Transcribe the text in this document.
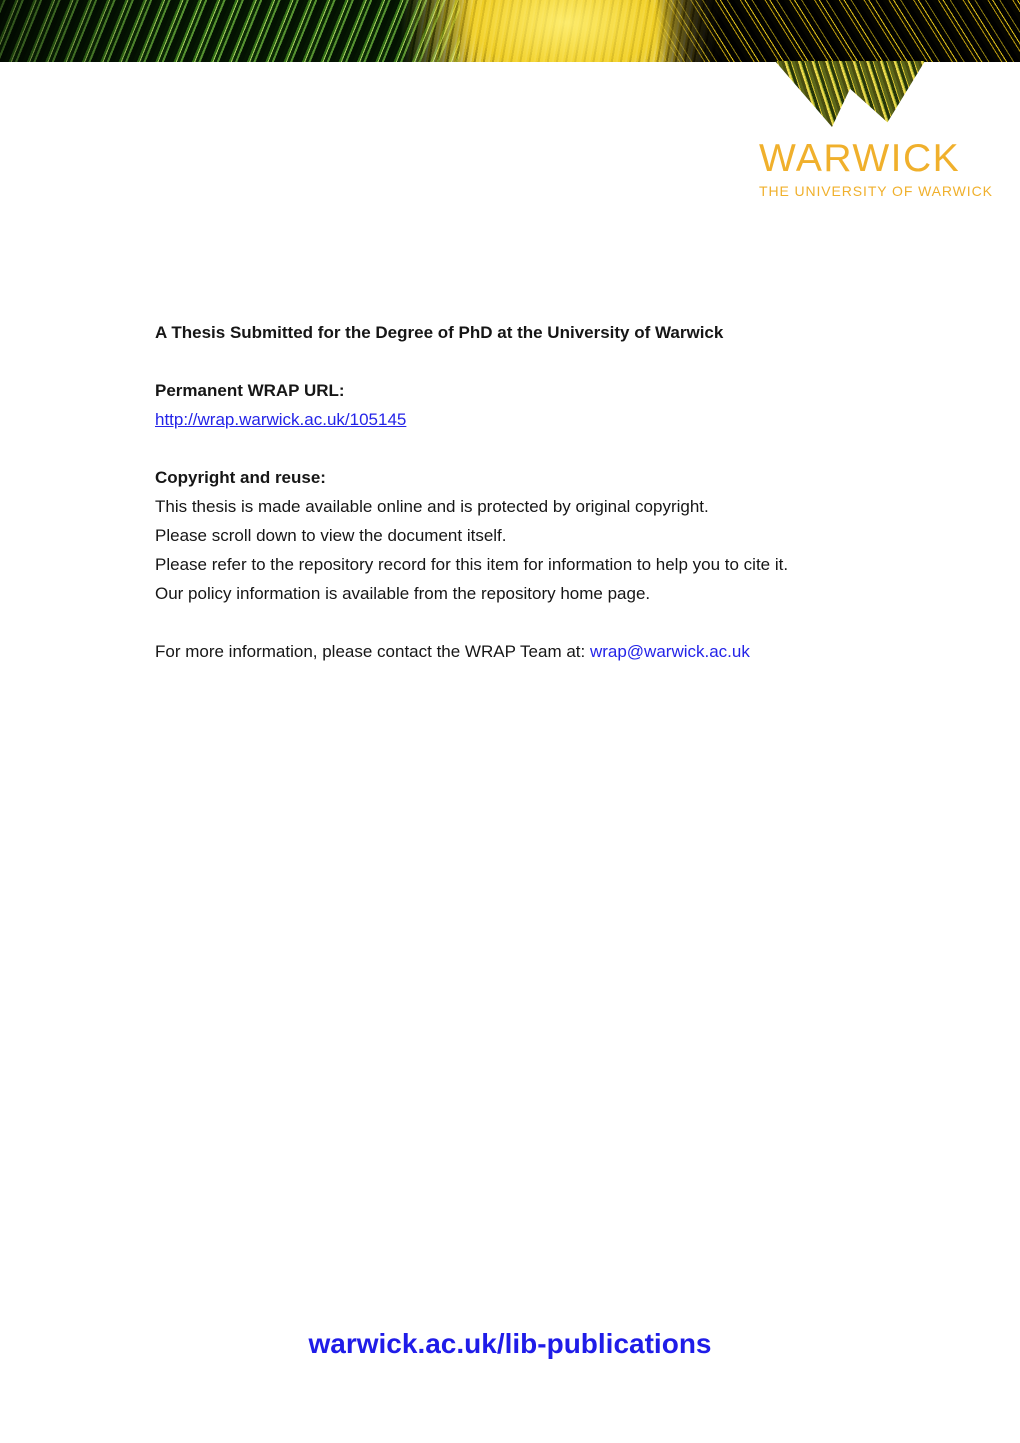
WARWICK
THE UNIVERSITY OF WARWICK

A Thesis Submitted for the Degree of PhD at the University of Warwick

Permanent WRAP URL:

http://wrap.warwick.ac.uk/105145

Copyright and reuse:

This thesis is made available online and is protected by original copyright.

Please scroll down to view the document itself.

Please refer to the repository record for this item for information to help you to cite it.

Our policy information is available from the repository home page.

For more information, please contact the WRAP Team at: wrap@warwick.ac.uk

warwick.ac.uk/lib-publications
